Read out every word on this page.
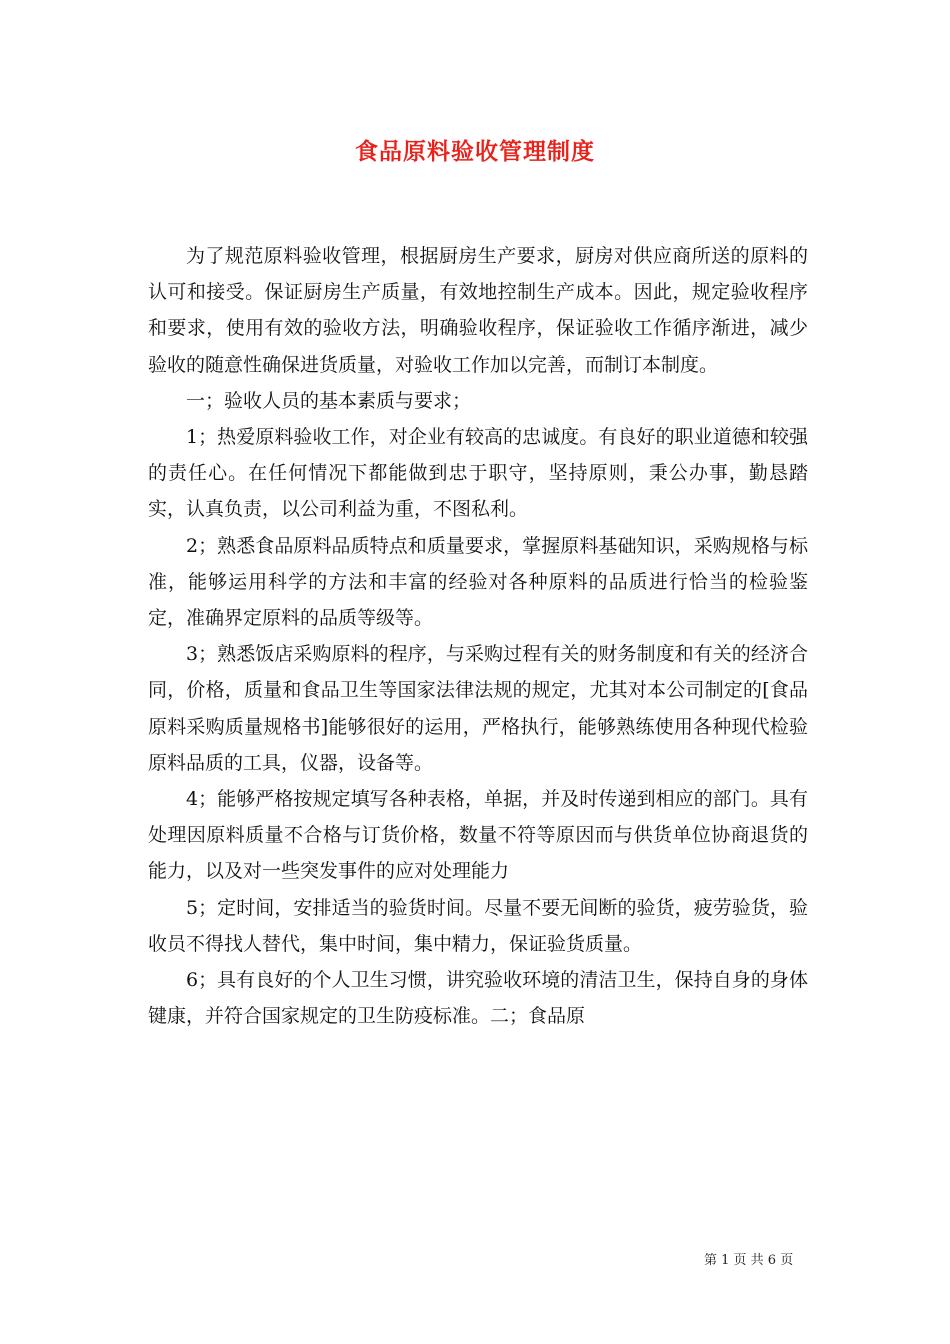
食品原料验收管理制度

为了规范原料验收管理，根据厨房生产要求，厨房对供应商所送的原料的认可和接受。保证厨房生产质量，有效地控制生产成本。因此，规定验收程序和要求，使用有效的验收方法，明确验收程序，保证验收工作循序渐进，减少验收的随意性确保进货质量，对验收工作加以完善，而制订本制度。

一；验收人员的基本素质与要求；

1；热爱原料验收工作，对企业有较高的忠诚度。有良好的职业道德和较强的责任心。在任何情况下都能做到忠于职守，坚持原则，秉公办事，勤恳踏实，认真负责，以公司利益为重，不图私利。

2；熟悉食品原料品质特点和质量要求，掌握原料基础知识，采购规格与标准，能够运用科学的方法和丰富的经验对各种原料的品质进行恰当的检验鉴定，准确界定原料的品质等级等。

3；熟悉饭店采购原料的程序，与采购过程有关的财务制度和有关的经济合同，价格，质量和食品卫生等国家法律法规的规定，尤其对本公司制定的[食品原料采购质量规格书]能够很好的运用，严格执行，能够熟练使用各种现代检验原料品质的工具，仪器，设备等。

4；能够严格按规定填写各种表格，单据，并及时传递到相应的部门。具有处理因原料质量不合格与订货价格，数量不符等原因而与供货单位协商退货的能力，以及对一些突发事件的应对处理能力

5；定时间，安排适当的验货时间。尽量不要无间断的验货，疲劳验货，验收员不得找人替代，集中时间，集中精力，保证验货质量。

6；具有良好的个人卫生习惯，讲究验收环境的清洁卫生，保持自身的身体键康，并符合国家规定的卫生防疫标准。二；食品原

第 1 页 共 6 页
